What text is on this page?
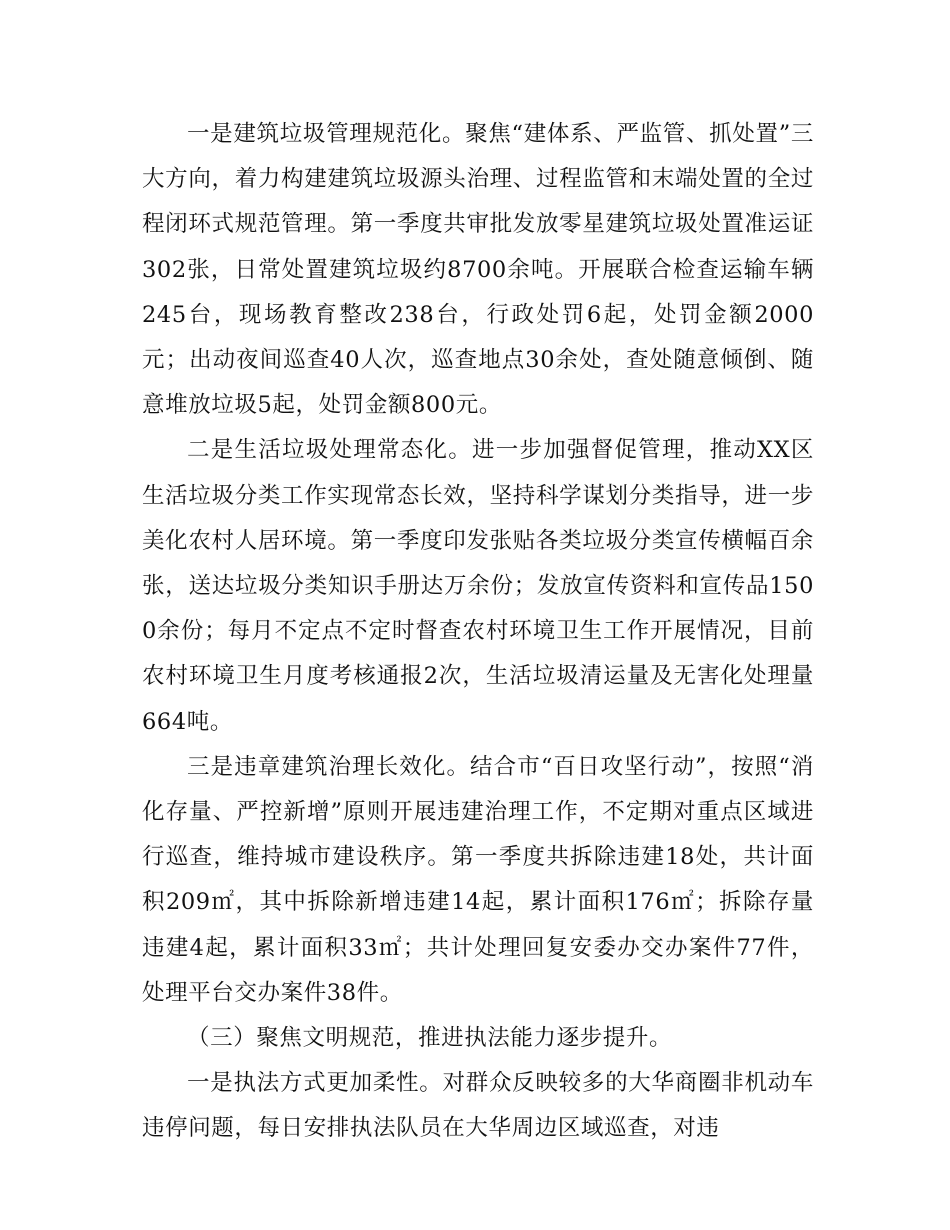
一是建筑垃圾管理规范化。聚焦“建体系、严监管、抓处置”三大方向，着力构建建筑垃圾源头治理、过程监管和末端处置的全过程闭环式规范管理。第一季度共审批发放零星建筑垃圾处置准运证302张，日常处置建筑垃圾约8700余吨。开展联合检查运输车辆245台，现场教育整改238台，行政处罚6起，处罚金额2000元；出动夜间巡查40人次，巡查地点30余处，查处随意倾倒、随意堆放垃圾5起，处罚金额800元。

二是生活垃圾处理常态化。进一步加强督促管理，推动XX区生活垃圾分类工作实现常态长效，坚持科学谋划分类指导，进一步美化农村人居环境。第一季度印发张贴各类垃圾分类宣传横幅百余张，送达垃圾分类知识手册达万余份；发放宣传资料和宣传品1500余份；每月不定点不定时督查农村环境卫生工作开展情况，目前农村环境卫生月度考核通报2次，生活垃圾清运量及无害化处理量664吨。

三是违章建筑治理长效化。结合市“百日攻坚行动”，按照“消化存量、严控新增”原则开展违建治理工作，不定期对重点区域进行巡查，维持城市建设秩序。第一季度共拆除违建18处，共计面积209㎡，其中拆除新增违建14起，累计面积176㎡；拆除存量违建4起，累计面积33㎡；共计处理回复安委办交办案件77件，处理平台交办案件38件。

（三）聚焦文明规范，推进执法能力逐步提升。

一是执法方式更加柔性。对群众反映较多的大华商圈非机动车违停问题，每日安排执法队员在大华周边区域巡查，对违
